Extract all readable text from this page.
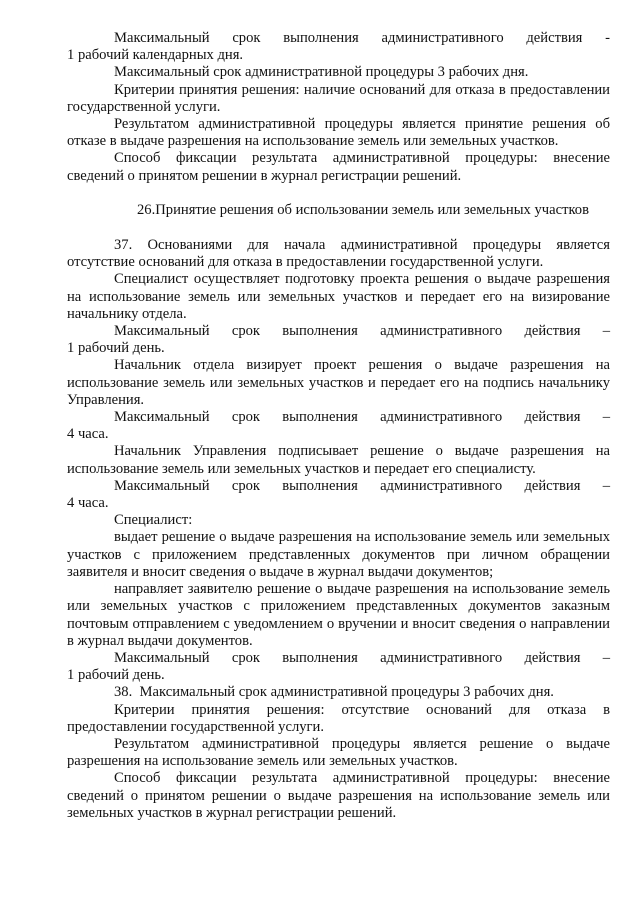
Максимальный срок выполнения административного действия -

1 рабочий календарных дня.

Максимальный срок административной процедуры 3 рабочих дня.

Критерии принятия решения: наличие оснований для отказа в предоставлении государственной услуги.

Результатом административной процедуры является принятие решения об отказе в выдаче разрешения на использование земель или земельных участков.

Способ фиксации результата административной процедуры: внесение сведений о принятом решении в журнал регистрации решений.

26.Принятие решения об использовании земель или земельных участков

37. Основаниями для начала административной процедуры является отсутствие оснований для отказа в предоставлении государственной услуги.

Специалист осуществляет подготовку проекта решения о выдаче разрешения на использование земель или земельных участков и передает его на визирование начальнику отдела.

Максимальный срок выполнения административного действия –

1 рабочий день.

Начальник отдела визирует проект решения о выдаче разрешения на использование земель или земельных участков и передает его на подпись начальнику Управления.

Максимальный срок выполнения административного действия –

4 часа.

Начальник Управления подписывает решение о выдаче разрешения на использование земель или земельных участков и передает его специалисту.

Максимальный срок выполнения административного действия –

4 часа.

Специалист:

выдает решение о выдаче разрешения на использование земель или земельных участков с приложением представленных документов при личном обращении заявителя и вносит сведения о выдаче в журнал выдачи документов;

направляет заявителю решение о выдаче разрешения на использование земель или земельных участков с приложением представленных документов заказным почтовым отправлением с уведомлением о вручении и вносит сведения о направлении в журнал выдачи документов.

Максимальный срок выполнения административного действия –

1 рабочий день.

38.  Максимальный срок административной процедуры 3 рабочих дня.

Критерии принятия решения: отсутствие оснований для отказа в предоставлении государственной услуги.

Результатом административной процедуры является решение о выдаче разрешения на использование земель или земельных участков.

Способ фиксации результата административной процедуры: внесение сведений о принятом решении о выдаче разрешения на использование земель или земельных участков в журнал регистрации решений.
